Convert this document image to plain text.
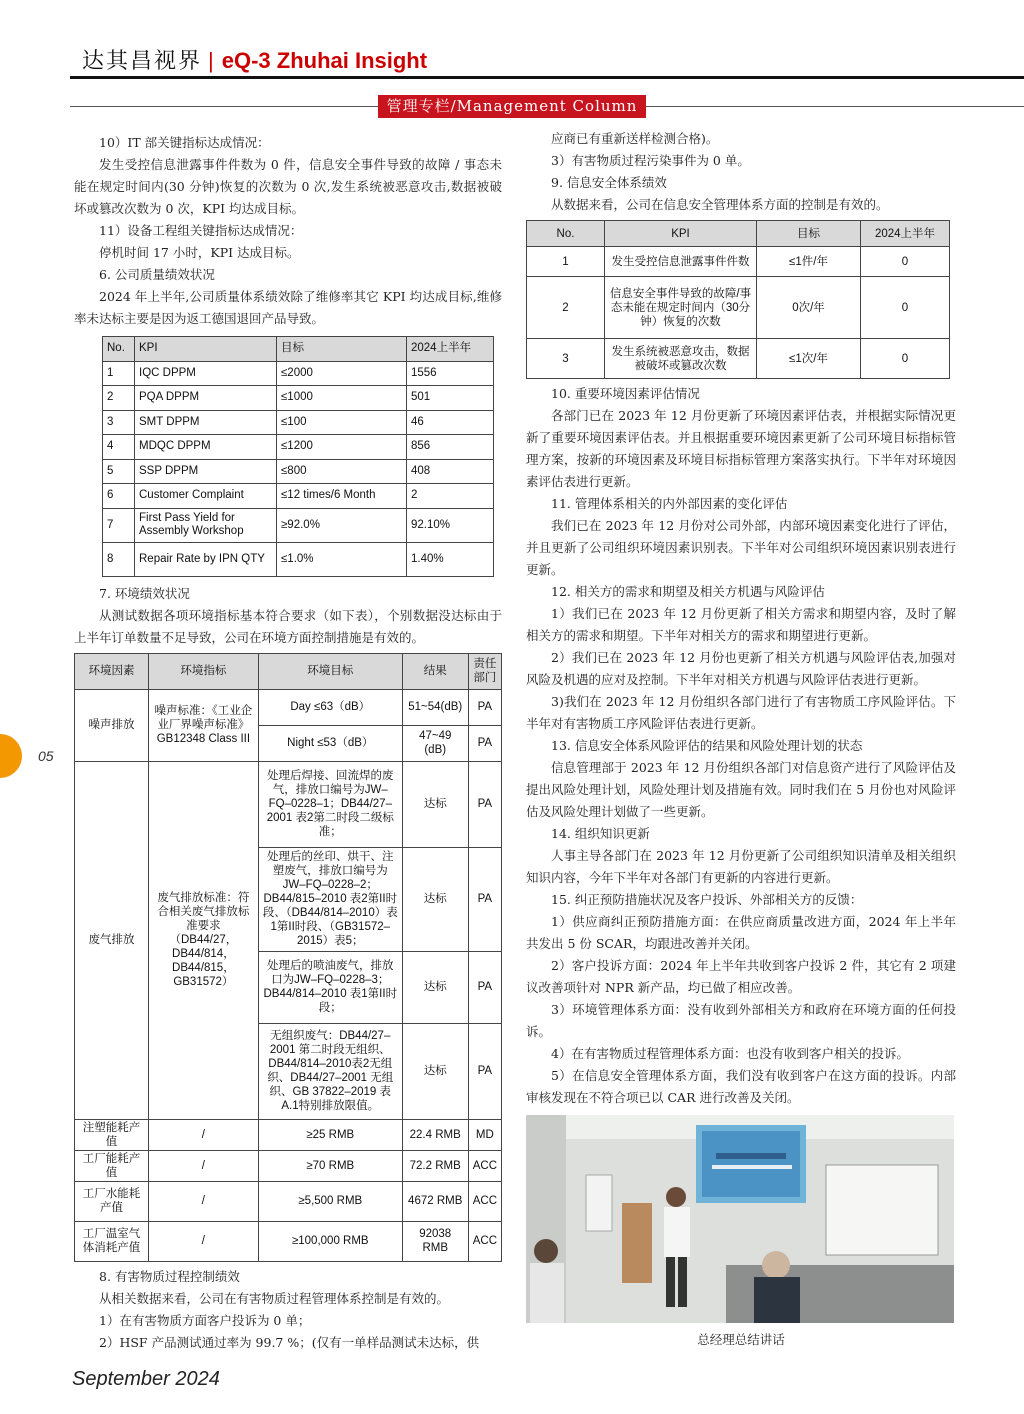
达其昌视界 | eQ-3 Zhuhai Insight
管理专栏/Management Column
05
September 2024

10）IT 部关键指标达成情况：

发生受控信息泄露事件件数为 0 件，信息安全事件导致的故障 / 事态未能在规定时间内(30 分钟)恢复的次数为 0 次,发生系统被恶意攻击,数据被破坏或篡改次数为 0 次，KPI 均达成目标。

11）设备工程组关键指标达成情况：

停机时间 17 小时，KPI 达成目标。

6. 公司质量绩效状况

2024 年上半年,公司质量体系绩效除了维修率其它 KPI 均达成目标,维修率未达标主要是因为返工德国退回产品导致。

No.	KPI	目标	2024上半年
1	IQC DPPM	≤2000	1556
2	PQA DPPM	≤1000	501
3	SMT DPPM	≤100	46
4	MDQC DPPM	≤1200	856
5	SSP DPPM	≤800	408
6	Customer Complaint	≤12 times/6 Month	2
7	First Pass Yield for Assembly Workshop	≥92.0%	92.10%
8	Repair Rate by IPN QTY	≤1.0%	1.40%

7. 环境绩效状况

从测试数据各项环境指标基本符合要求（如下表），个别数据没达标由于上半年订单数量不足导致，公司在环境方面控制措施是有效的。

环境因素	环境指标	环境目标	结果	责任部门
噪声排放	噪声标准：《工业企业厂界噪声标准》GB12348 Class III	Day ≤63（dB）	51~54(dB)	PA
		Night ≤53（dB）	47~49 (dB)	PA
废气排放	废气排放标准：符合相关废气排放标准要求（DB44/27，DB44/814，DB44/815，GB31572）	处理后焊接、回流焊的废气，排放口编号为JW–FQ–0228–1；DB44/27–2001 表2第二时段二级标准；	达标	PA
		处理后的丝印、烘干、注塑废气，排放口编号为JW–FQ–0228–2；DB44/815–2010 表2第II时段、（DB44/814–2010）表1第II时段、（GB31572–2015）表5；	达标	PA
		处理后的喷油废气，排放口为JW–FQ–0228–3；DB44/814–2010 表1第II时段；	达标	PA
		无组织废气：DB44/27–2001 第二时段无组织、DB44/814–2010表2无组织、DB44/27–2001 无组织、GB 37822–2019 表A.1特别排放限值。	达标	PA
注塑能耗产值	/	≥25 RMB	22.4 RMB	MD
工厂能耗产值	/	≥70 RMB	72.2 RMB	ACC
工厂水能耗产值	/	≥5,500 RMB	4672 RMB	ACC
工厂温室气体消耗产值	/	≥100,000 RMB	92038 RMB	ACC

8. 有害物质过程控制绩效

从相关数据来看，公司在有害物质过程管理体系控制是有效的。

1）在有害物质方面客户投诉为 0 单；

2）HSF 产品测试通过率为 99.7 %；(仅有一单样品测试未达标，供

应商已有重新送样检测合格)。

3）有害物质过程污染事件为 0 单。

9. 信息安全体系绩效

从数据来看，公司在信息安全管理体系方面的控制是有效的。

No.	KPI	目标	2024上半年
1	发生受控信息泄露事件件数	≤1件/年	0
2	信息安全事件导致的故障/事态未能在规定时间内（30分钟）恢复的次数	0次/年	0
3	发生系统被恶意攻击，数据被破坏或篡改次数	≤1次/年	0

10. 重要环境因素评估情况

各部门已在 2023 年 12 月份更新了环境因素评估表，并根据实际情况更新了重要环境因素评估表。并且根据重要环境因素更新了公司环境目标指标管理方案，按新的环境因素及环境目标指标管理方案落实执行。下半年对环境因素评估表进行更新。

11. 管理体系相关的内外部因素的变化评估

我们已在 2023 年 12 月份对公司外部，内部环境因素变化进行了评估，并且更新了公司组织环境因素识别表。下半年对公司组织环境因素识别表进行更新。

12. 相关方的需求和期望及相关方机遇与风险评估

1）我们已在 2023 年 12 月份更新了相关方需求和期望内容，及时了解相关方的需求和期望。下半年对相关方的需求和期望进行更新。

2）我们已在 2023 年 12 月份也更新了相关方机遇与风险评估表,加强对风险及机遇的应对及控制。下半年对相关方机遇与风险评估表进行更新。

3)我们在 2023 年 12 月份组织各部门进行了有害物质工序风险评估。下半年对有害物质工序风险评估表进行更新。

13. 信息安全体系风险评估的结果和风险处理计划的状态

信息管理部于 2023 年 12 月份组织各部门对信息资产进行了风险评估及提出风险处理计划，风险处理计划及措施有效。同时我们在 5 月份也对风险评估及风险处理计划做了一些更新。

14. 组织知识更新

人事主导各部门在 2023 年 12 月份更新了公司组织知识清单及相关组织知识内容，今年下半年对各部门有更新的内容进行更新。

15. 纠正预防措施状况及客户投诉、外部相关方的反馈：

1）供应商纠正预防措施方面：在供应商质量改进方面，2024 年上半年共发出 5 份 SCAR，均跟进改善并关闭。

2）客户投诉方面：2024 年上半年共收到客户投诉 2 件，其它有 2 项建议改善项针对 NPR 新产品，均已做了相应改善。

3）环境管理体系方面：没有收到外部相关方和政府在环境方面的任何投诉。

4）在有害物质过程管理体系方面：也没有收到客户相关的投诉。

5）在信息安全管理体系方面，我们没有收到客户在这方面的投诉。内部审核发现在不符合项已以 CAR 进行改善及关闭。

总经理总结讲话
